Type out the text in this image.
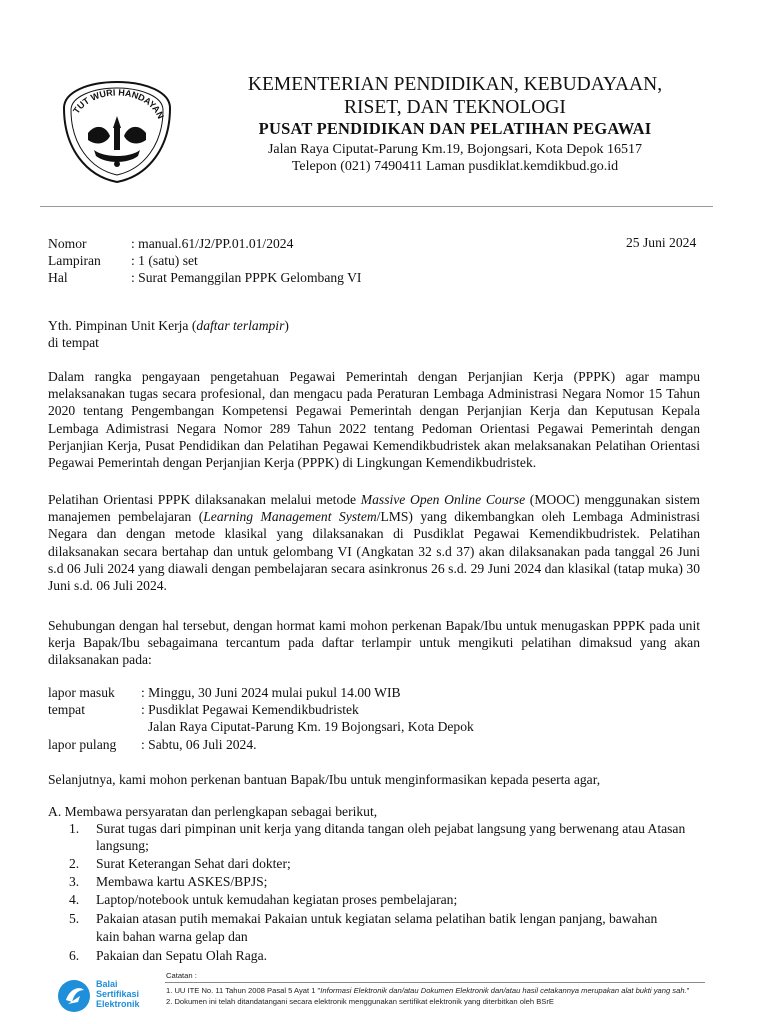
TUT WURI HANDAYAN
KEMENTERIAN PENDIDIKAN, KEBUDAYAAN,
RISET, DAN TEKNOLOGI
PUSAT PENDIDIKAN DAN PELATIHAN PEGAWAI
Jalan Raya Ciputat-Parung Km.19, Bojongsari, Kota Depok 16517
Telepon (021) 7490411 Laman pusdiklat.kemdikbud.go.id
Nomor	: manual.61/J2/PP.01.01/2024	25 Juni 2024
Lampiran : 1 (satu) set
Hal	: Surat Pemanggilan PPPK Gelombang VI
Yth. Pimpinan Unit Kerja (daftar terlampir)
di tempat
Dalam rangka pengayaan pengetahuan Pegawai Pemerintah dengan Perjanjian Kerja (PPPK) agar mampu melaksanakan tugas secara profesional, dan mengacu pada Peraturan Lembaga Administrasi Negara Nomor 15 Tahun 2020 tentang Pengembangan Kompetensi Pegawai Pemerintah dengan Perjanjian Kerja dan Keputusan Kepala Lembaga Adimistrasi Negara Nomor 289 Tahun 2022 tentang Pedoman Orientasi Pegawai Pemerintah dengan Perjanjian Kerja, Pusat Pendidikan dan Pelatihan Pegawai Kemendikbudristek akan melaksanakan Pelatihan Orientasi Pegawai Pemerintah dengan Perjanjian Kerja (PPPK) di Lingkungan Kemendikbudristek.
Pelatihan Orientasi PPPK dilaksanakan melalui metode Massive Open Online Course (MOOC) menggunakan sistem manajemen pembelajaran (Learning Management System/LMS) yang dikembangkan oleh Lembaga Administrasi Negara dan dengan metode klasikal yang dilaksanakan di Pusdiklat Pegawai Kemendikbudristek. Pelatihan dilaksanakan secara bertahap dan untuk gelombang VI (Angkatan 32 s.d 37) akan dilaksanakan pada tanggal 26 Juni s.d 06 Juli 2024 yang diawali dengan pembelajaran secara asinkronus 26 s.d. 29 Juni 2024 dan klasikal (tatap muka) 30 Juni s.d. 06 Juli 2024.
Sehubungan dengan hal tersebut, dengan hormat kami mohon perkenan Bapak/Ibu untuk menugaskan PPPK pada unit kerja Bapak/Ibu sebagaimana tercantum pada daftar terlampir untuk mengikuti pelatihan dimaksud yang akan dilaksanakan pada:
lapor masuk : Minggu, 30 Juni 2024 mulai pukul 14.00 WIB
tempat	: Pusdiklat Pegawai Kemendikbudristek
Jalan Raya Ciputat-Parung Km. 19 Bojongsari, Kota Depok
lapor pulang : Sabtu, 06 Juli 2024.
Selanjutnya, kami mohon perkenan bantuan Bapak/Ibu untuk menginformasikan kepada peserta agar,
A. Membawa persyaratan dan perlengkapan sebagai berikut,
1. Surat tugas dari pimpinan unit kerja yang ditanda tangan oleh pejabat langsung yang berwenang atau Atasan
langsung;
2. Surat Keterangan Sehat dari dokter;
3. Membawa kartu ASKES/BPJS;
4. Laptop/notebook untuk kemudahan kegiatan proses pembelajaran;
5. Pakaian atasan putih memakai Pakaian untuk kegiatan selama pelatihan batik lengan panjang, bawahan
kain bahan warna gelap dan
6. Pakaian dan Sepatu Olah Raga.
Balai
Sertifikasi
Elektronik
Catatan :
1. UU ITE No. 11 Tahun 2008 Pasal 5 Ayat 1 "Informasi Elektronik dan/atau Dokumen Elektronik dan/atau hasil cetakannya merupakan alat bukti yang sah."
2. Dokumen ini telah ditandatangani secara elektronik menggunakan sertifikat elektronik yang diterbitkan oleh BSrE
